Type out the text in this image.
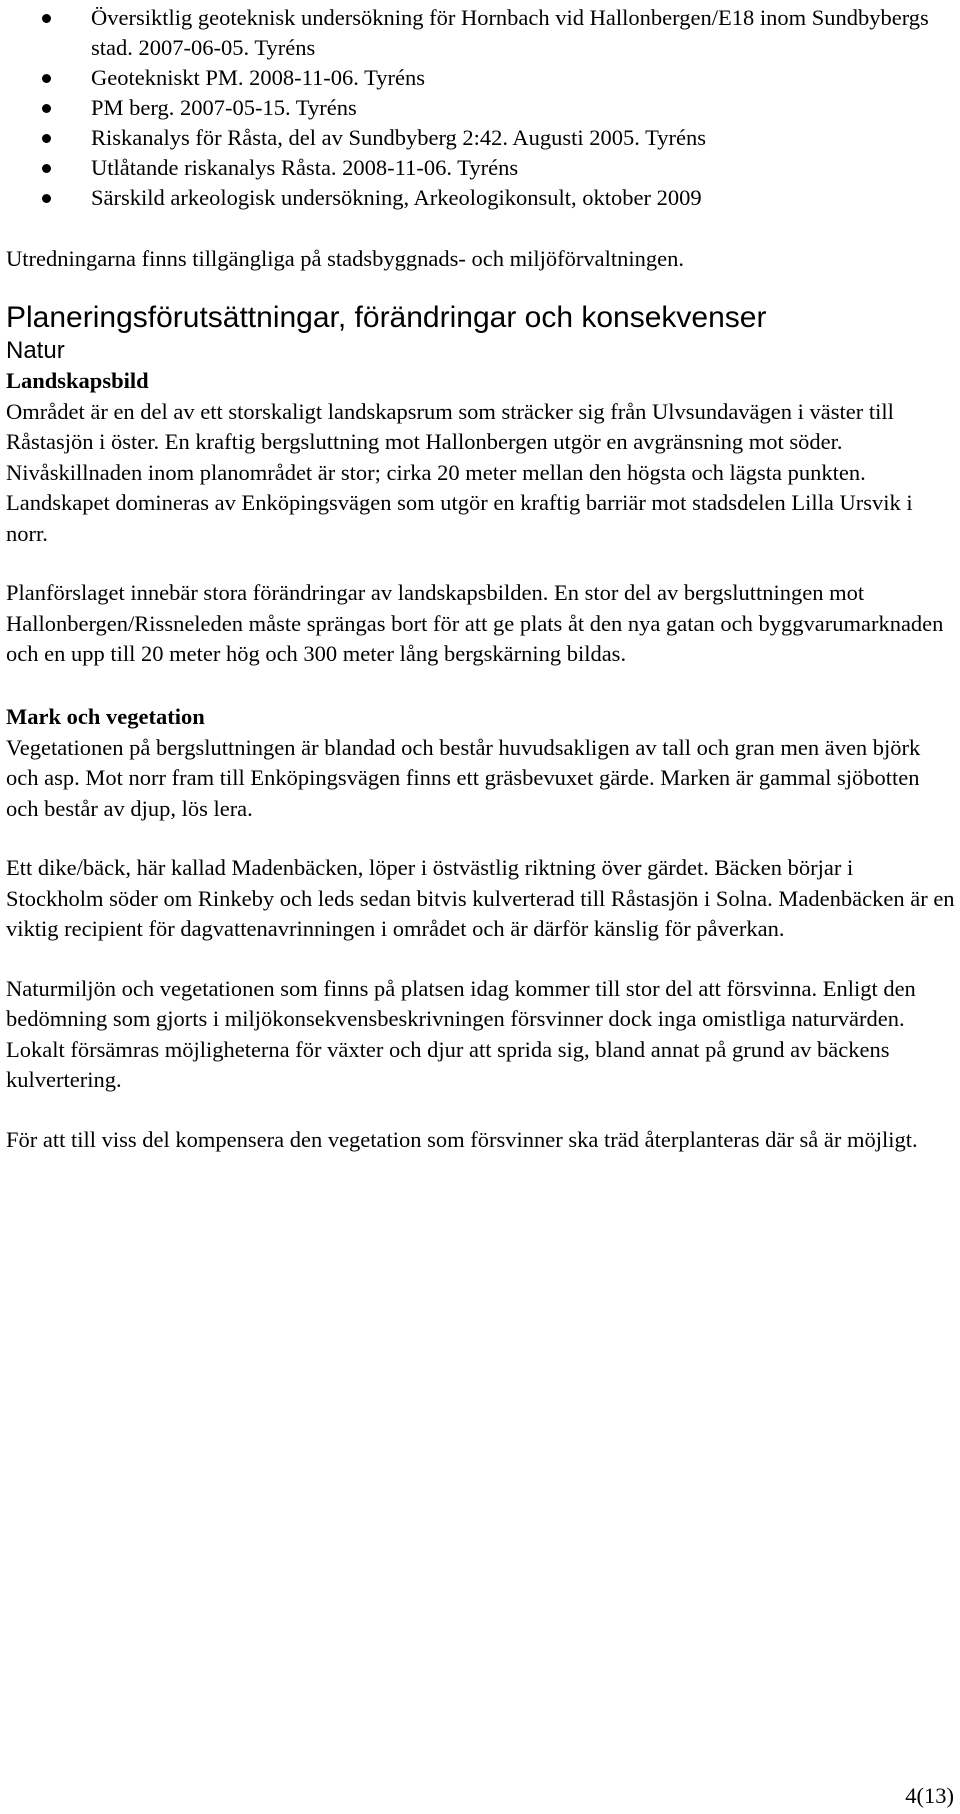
Översiktlig geoteknisk undersökning för Hornbach vid Hallonbergen/E18 inom Sundbybergs stad. 2007-06-05. Tyréns
Geotekniskt PM. 2008-11-06. Tyréns
PM berg. 2007-05-15. Tyréns
Riskanalys för Råsta, del av Sundbyberg 2:42. Augusti 2005. Tyréns
Utlåtande riskanalys Råsta. 2008-11-06. Tyréns
Särskild arkeologisk undersökning, Arkeologikonsult, oktober 2009

Utredningarna finns tillgängliga på stadsbyggnads- och miljöförvaltningen.

Planeringsförutsättningar, förändringar och konsekvenser
Natur
Landskapsbild

Området är en del av ett storskaligt landskapsrum som sträcker sig från Ulvsundavägen i väster till Råstasjön i öster. En kraftig bergsluttning mot Hallonbergen utgör en avgränsning mot söder. Nivåskillnaden inom planområdet är stor; cirka 20 meter mellan den högsta och lägsta punkten. Landskapet domineras av Enköpingsvägen som utgör en kraftig barriär mot stadsdelen Lilla Ursvik i norr.

Planförslaget innebär stora förändringar av landskapsbilden. En stor del av bergsluttningen mot Hallonbergen/Rissneleden måste sprängas bort för att ge plats åt den nya gatan och byggvarumarknaden och en upp till 20 meter hög och 300 meter lång bergskärning bildas.

Mark och vegetation

Vegetationen på bergsluttningen är blandad och består huvudsakligen av tall och gran men även björk och asp. Mot norr fram till Enköpingsvägen finns ett gräsbevuxet gärde. Marken är gammal sjöbotten och består av djup, lös lera.

Ett dike/bäck, här kallad Madenbäcken, löper i östvästlig riktning över gärdet. Bäcken börjar i Stockholm söder om Rinkeby och leds sedan bitvis kulverterad till Råstasjön i Solna. Madenbäcken är en viktig recipient för dagvattenavrinningen i området och är därför känslig för påverkan.

Naturmiljön och vegetationen som finns på platsen idag kommer till stor del att försvinna. Enligt den bedömning som gjorts i miljökonsekvensbeskrivningen försvinner dock inga omistliga naturvärden. Lokalt försämras möjligheterna för växter och djur att sprida sig, bland annat på grund av bäckens kulvertering.

För att till viss del kompensera den vegetation som försvinner ska träd återplanteras där så är möjligt.

4(13)
